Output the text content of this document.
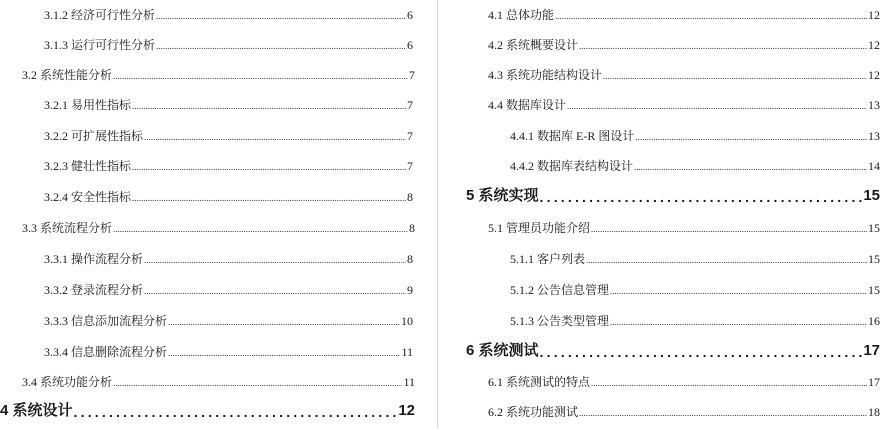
3.1.2 经济可行性分析 .....	6
3.1.3 运行可行性分析 .....	6
3.2 系统性能分析 .....	7
3.2.1 易用性指标 .....	7
3.2.2 可扩展性指标 .....	7
3.2.3 健壮性指标 .....	7
3.2.4 安全性指标 .....	8
3.3 系统流程分析 .....	8
3.3.1 操作流程分析 .....	8
3.3.2 登录流程分析 .....	9
3.3.3 信息添加流程分析 .....	10
3.3.4 信息删除流程分析 .....	11
3.4 系统功能分析 .....	11
4 系统设计 .....	12
4.1 总体功能 .....	12
4.2 系统概要设计 .....	12
4.3 系统功能结构设计 .....	12
4.4 数据库设计 .....	13
4.4.1 数据库 E-R 图设计 .....	13
4.4.2 数据库表结构设计 .....	14
5 系统实现 .....	15
5.1 管理员功能介绍 .....	15
5.1.1 客户列表 .....	15
5.1.2 公告信息管理 .....	15
5.1.3 公告类型管理 .....	16
6 系统测试 .....	17
6.1 系统测试的特点 .....	17
6.2 系统功能测试 .....	18
